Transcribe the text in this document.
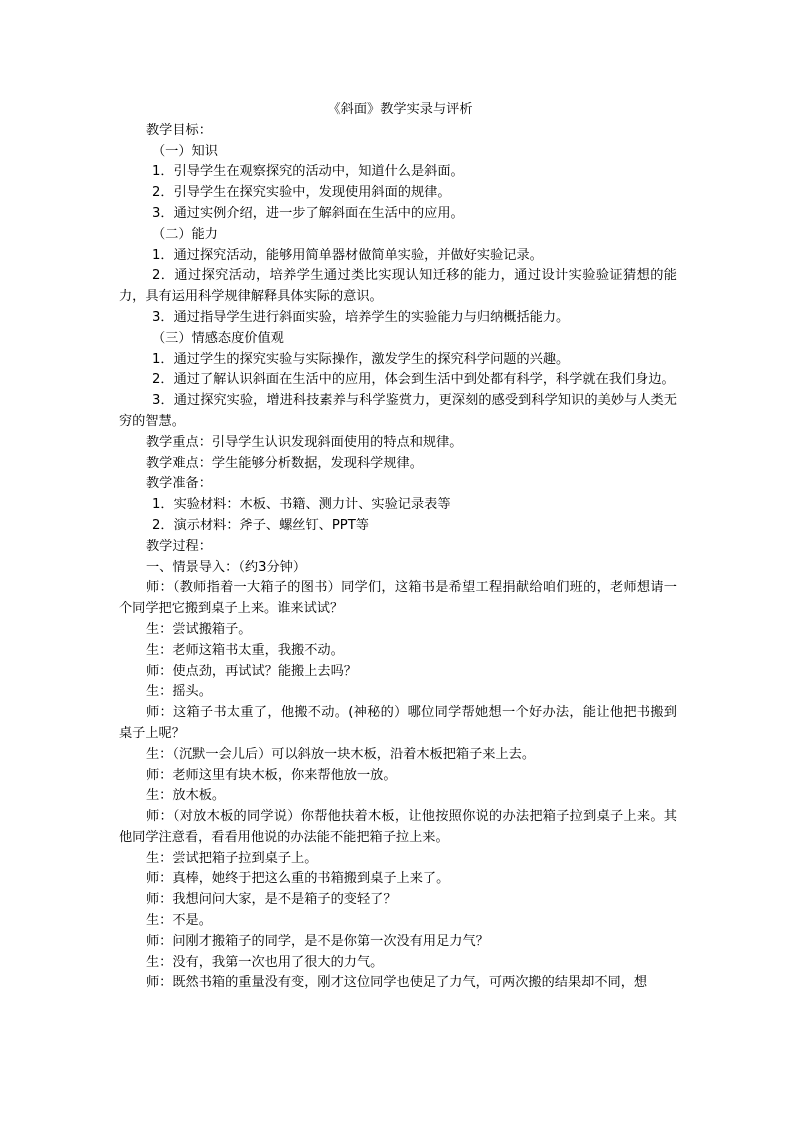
《斜面》教学实录与评析
教学目标：
（一）知识
1．引导学生在观察探究的活动中，知道什么是斜面。
2．引导学生在探究实验中，发现使用斜面的规律。
3．通过实例介绍，进一步了解斜面在生活中的应用。
（二）能力
1．通过探究活动，能够用简单器材做简单实验，并做好实验记录。
2．通过探究活动，培养学生通过类比实现认知迁移的能力，通过设计实验验证猜想的能力，具有运用科学规律解释具体实际的意识。
3．通过指导学生进行斜面实验，培养学生的实验能力与归纳概括能力。
（三）情感态度价值观
1．通过学生的探究实验与实际操作，激发学生的探究科学问题的兴趣。
2．通过了解认识斜面在生活中的应用，体会到生活中到处都有科学，科学就在我们身边。
3．通过探究实验，增进科技素养与科学鉴赏力，更深刻的感受到科学知识的美妙与人类无穷的智慧。
教学重点：引导学生认识发现斜面使用的特点和规律。
教学难点：学生能够分析数据，发现科学规律。
教学准备：
1．实验材料：木板、书籍、测力计、实验记录表等
2．演示材料：斧子、螺丝钉、PPT等
教学过程：
一、情景导入：（约3分钟）
师：（教师指着一大箱子的图书）同学们，这箱书是希望工程捐献给咱们班的，老师想请一个同学把它搬到桌子上来。谁来试试？
生：尝试搬箱子。
生：老师这箱书太重，我搬不动。
师：使点劲，再试试？能搬上去吗？
生：摇头。
师：这箱子书太重了，他搬不动。(神秘的）哪位同学帮她想一个好办法，能让他把书搬到桌子上呢？
生：（沉默一会儿后）可以斜放一块木板，沿着木板把箱子来上去。
师：老师这里有块木板，你来帮他放一放。
生：放木板。
师：（对放木板的同学说）你帮他扶着木板，让他按照你说的办法把箱子拉到桌子上来。其他同学注意看，看看用他说的办法能不能把箱子拉上来。
生：尝试把箱子拉到桌子上。
师：真棒，她终于把这么重的书箱搬到桌子上来了。
师：我想问问大家，是不是箱子的变轻了？
生：不是。
师：问刚才搬箱子的同学，是不是你第一次没有用足力气？
生：没有，我第一次也用了很大的力气。
师：既然书箱的重量没有变，刚才这位同学也使足了力气，可两次搬的结果却不同，想
